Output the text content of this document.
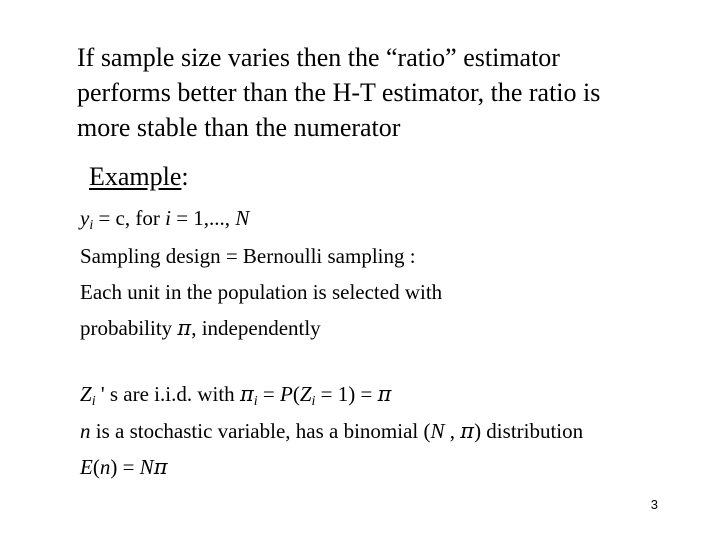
If sample size varies then the “ratio” estimator
performs better than the H-T estimator, the ratio is
more stable than the numerator

Example:
$y_i = c$, for i = 1,..., N
Sampling design = Bernoulli sampling :
Each unit in the population is selected with
probability π, independently
$Z_i$ ' s are i.i.d. with $\pi_i = P(Z_i = 1) = \pi$
n is a stochastic variable, has a binomial (N , π) distribution
E(n) = Nπ
3
